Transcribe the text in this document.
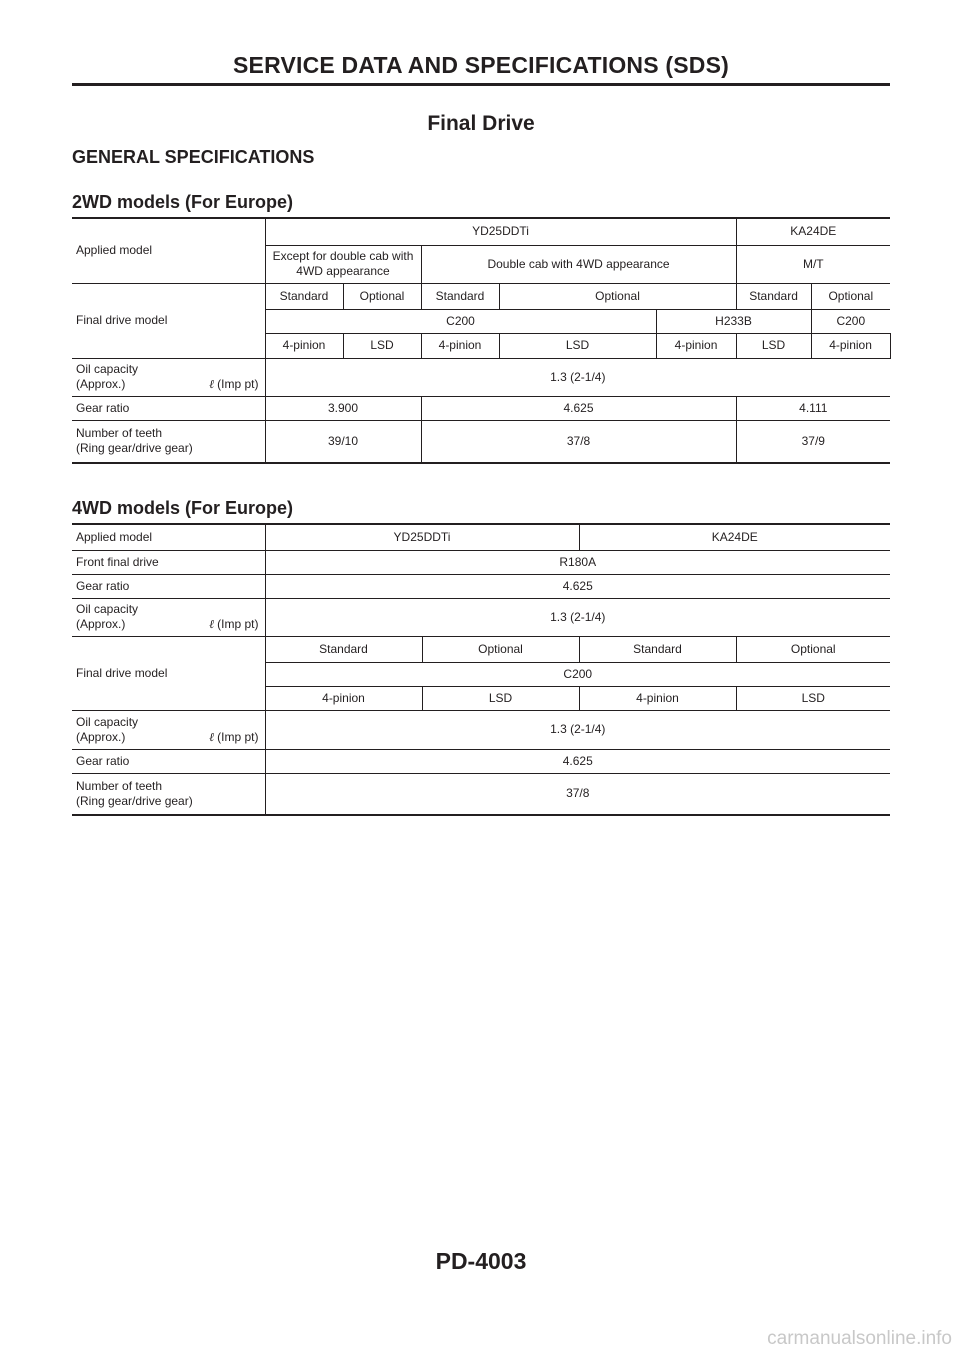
SERVICE DATA AND SPECIFICATIONS (SDS)
Final Drive
GENERAL SPECIFICATIONS
2WD models (For Europe)
Applied model	YD25DDTi					KA24DE		
	Except for double cab with 4WD appearance		Double cab with 4WD appearance			M/T		
Final drive model	Standard	Optional	Standard	Optional		Standard	Optional	
	C200				H233B		C200	
	4-pinion	LSD	4-pinion	LSD	4-pinion	LSD	4-pinion	

Oil capacity
(Approx.) ℓ (Imp pt)	1.3 (2-1/4)							
Gear ratio	3.900		4.625			4.111		

Number of teeth
(Ring gear/drive gear)	39/10		37/8			37/9		
4WD models (For Europe)
Applied model	YD25DDTi		KA24DE	
Front final drive	R180A			
Gear ratio	4.625			

Oil capacity
(Approx.) ℓ (Imp pt)	1.3 (2-1/4)			
Final drive model	Standard	Optional	Standard	Optional
	C200			
	4-pinion	LSD	4-pinion	LSD

Oil capacity
(Approx.) ℓ (Imp pt)	1.3 (2-1/4)			
Gear ratio	4.625			

Number of teeth
(Ring gear/drive gear)	37/8			
PD-4003
carmanualsonline.info
